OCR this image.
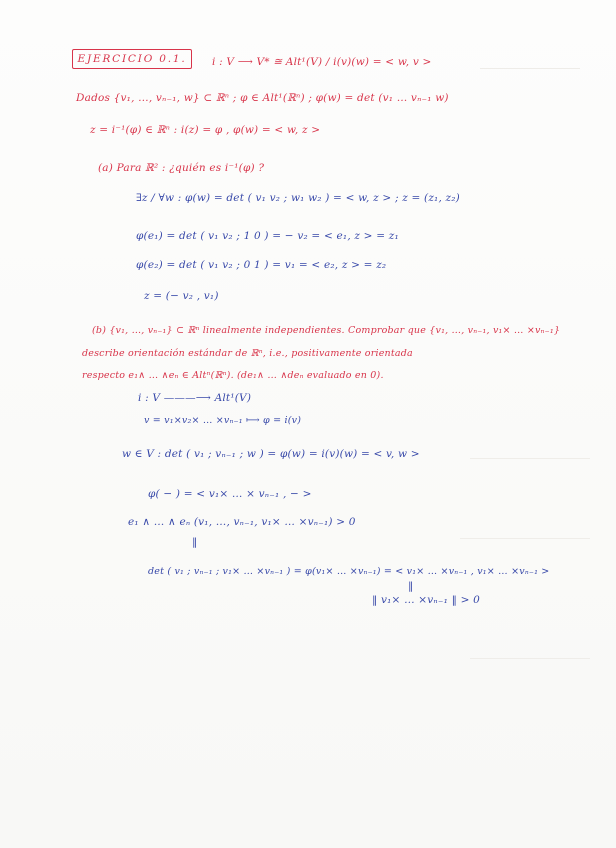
EJERCICIO 0.1.	i : V ⟶ V* ≅ Alt¹(V) / i(v)(w) = < w, v >
Dados {v₁, …, vₙ₋₁, w} ⊂ ℝⁿ ; φ ∈ Alt¹(ℝⁿ) ; φ(w) = det (v₁ … vₙ₋₁ w)
z = i⁻¹(φ) ∈ ℝⁿ : i(z) = φ , φ(w) = < w, z >
(a) Para ℝ² : ¿quién es i⁻¹(φ) ?
∃z / ∀w : φ(w) = det ( v₁ v₂ ; w₁ w₂ ) = < w, z > ; z = (z₁, z₂)
φ(e₁) = det ( v₁ v₂ ; 1 0 ) = − v₂ = < e₁, z > = z₁
φ(e₂) = det ( v₁ v₂ ; 0 1 ) = v₁ = < e₂, z > = z₂
z = (− v₂ , v₁)
(b) {v₁, …, vₙ₋₁} ⊂ ℝⁿ linealmente independientes. Comprobar que {v₁, …, vₙ₋₁, v₁× … ×vₙ₋₁}
describe orientación estándar de ℝⁿ, i.e., positivamente orientada
respecto e₁∧ … ∧eₙ ∈ Altⁿ(ℝⁿ). (de₁∧ … ∧deₙ evaluado en 0).
i : V ———⟶ Alt¹(V)
v = v₁×v₂× … ×vₙ₋₁ ⟼ φ = i(v)
w ∈ V : det ( v₁ ; vₙ₋₁ ; w ) = φ(w) = i(v)(w) = < v, w >
φ( − ) = < v₁× … × vₙ₋₁ , − >
e₁ ∧ … ∧ eₙ (v₁, …, vₙ₋₁, v₁× … ×vₙ₋₁) > 0
‖
det ( v₁ ; vₙ₋₁ ; v₁× … ×vₙ₋₁ ) = φ(v₁× … ×vₙ₋₁) = < v₁× … ×vₙ₋₁ , v₁× … ×vₙ₋₁ >
‖
‖ v₁× … ×vₙ₋₁ ‖ > 0
